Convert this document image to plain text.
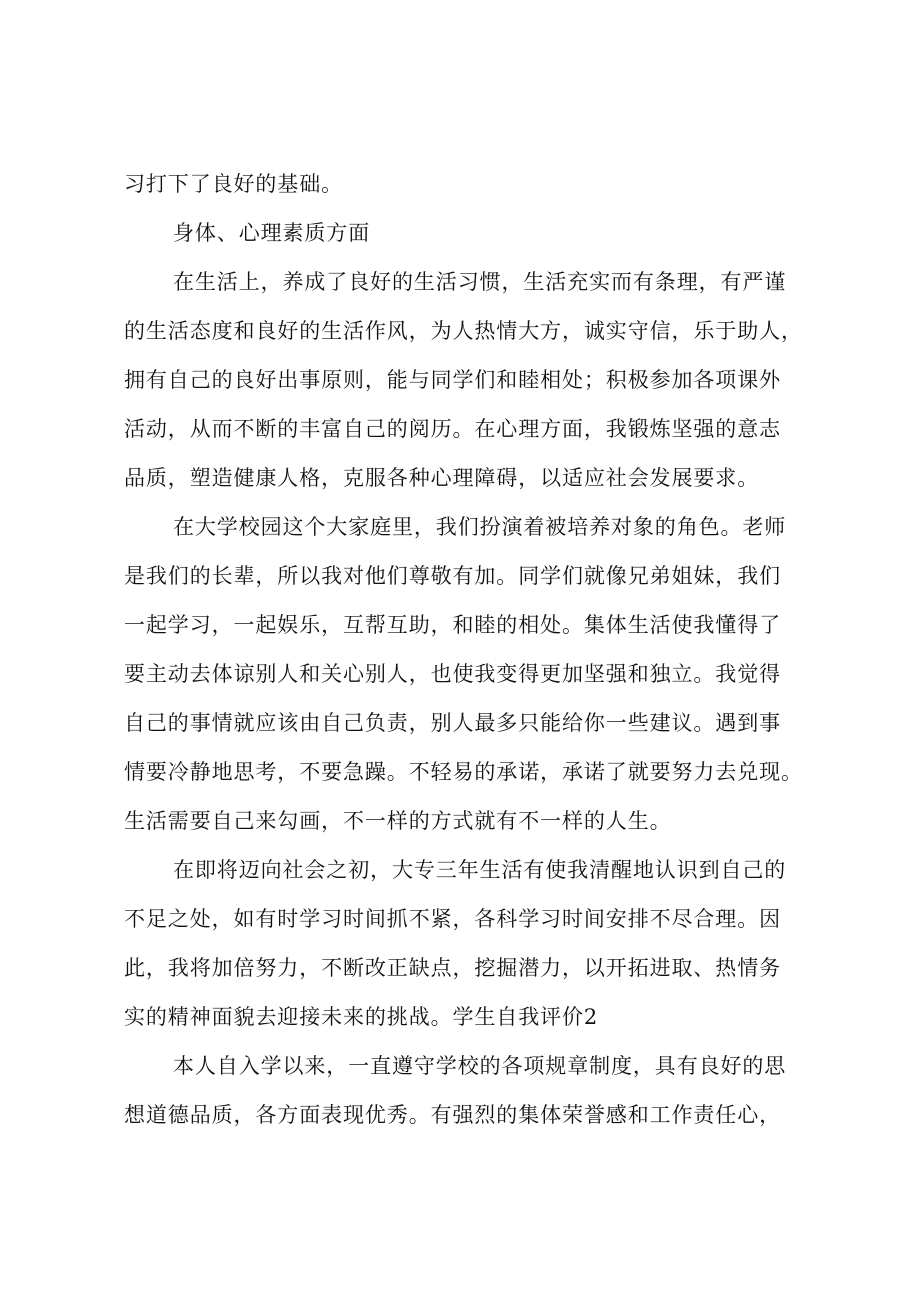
习打下了良好的基础。
身体、心理素质方面
在生活上，养成了良好的生活习惯，生活充实而有条理，有严谨
的生活态度和良好的生活作风，为人热情大方，诚实守信，乐于助人，
拥有自己的良好出事原则，能与同学们和睦相处；积极参加各项课外
活动，从而不断的丰富自己的阅历。在心理方面，我锻炼坚强的意志
品质，塑造健康人格，克服各种心理障碍，以适应社会发展要求。
在大学校园这个大家庭里，我们扮演着被培养对象的角色。老师
是我们的长辈，所以我对他们尊敬有加。同学们就像兄弟姐妹，我们
一起学习，一起娱乐，互帮互助，和睦的相处。集体生活使我懂得了
要主动去体谅别人和关心别人，也使我变得更加坚强和独立。我觉得
自己的事情就应该由自己负责，别人最多只能给你一些建议。遇到事
情要冷静地思考，不要急躁。不轻易的承诺，承诺了就要努力去兑现。
生活需要自己来勾画，不一样的方式就有不一样的人生。
在即将迈向社会之初，大专三年生活有使我清醒地认识到自己的
不足之处，如有时学习时间抓不紧，各科学习时间安排不尽合理。因
此，我将加倍努力，不断改正缺点，挖掘潜力，以开拓进取、热情务
实的精神面貌去迎接未来的挑战。学生自我评价2
本人自入学以来，一直遵守学校的各项规章制度，具有良好的思
想道德品质，各方面表现优秀。有强烈的集体荣誉感和工作责任心，
